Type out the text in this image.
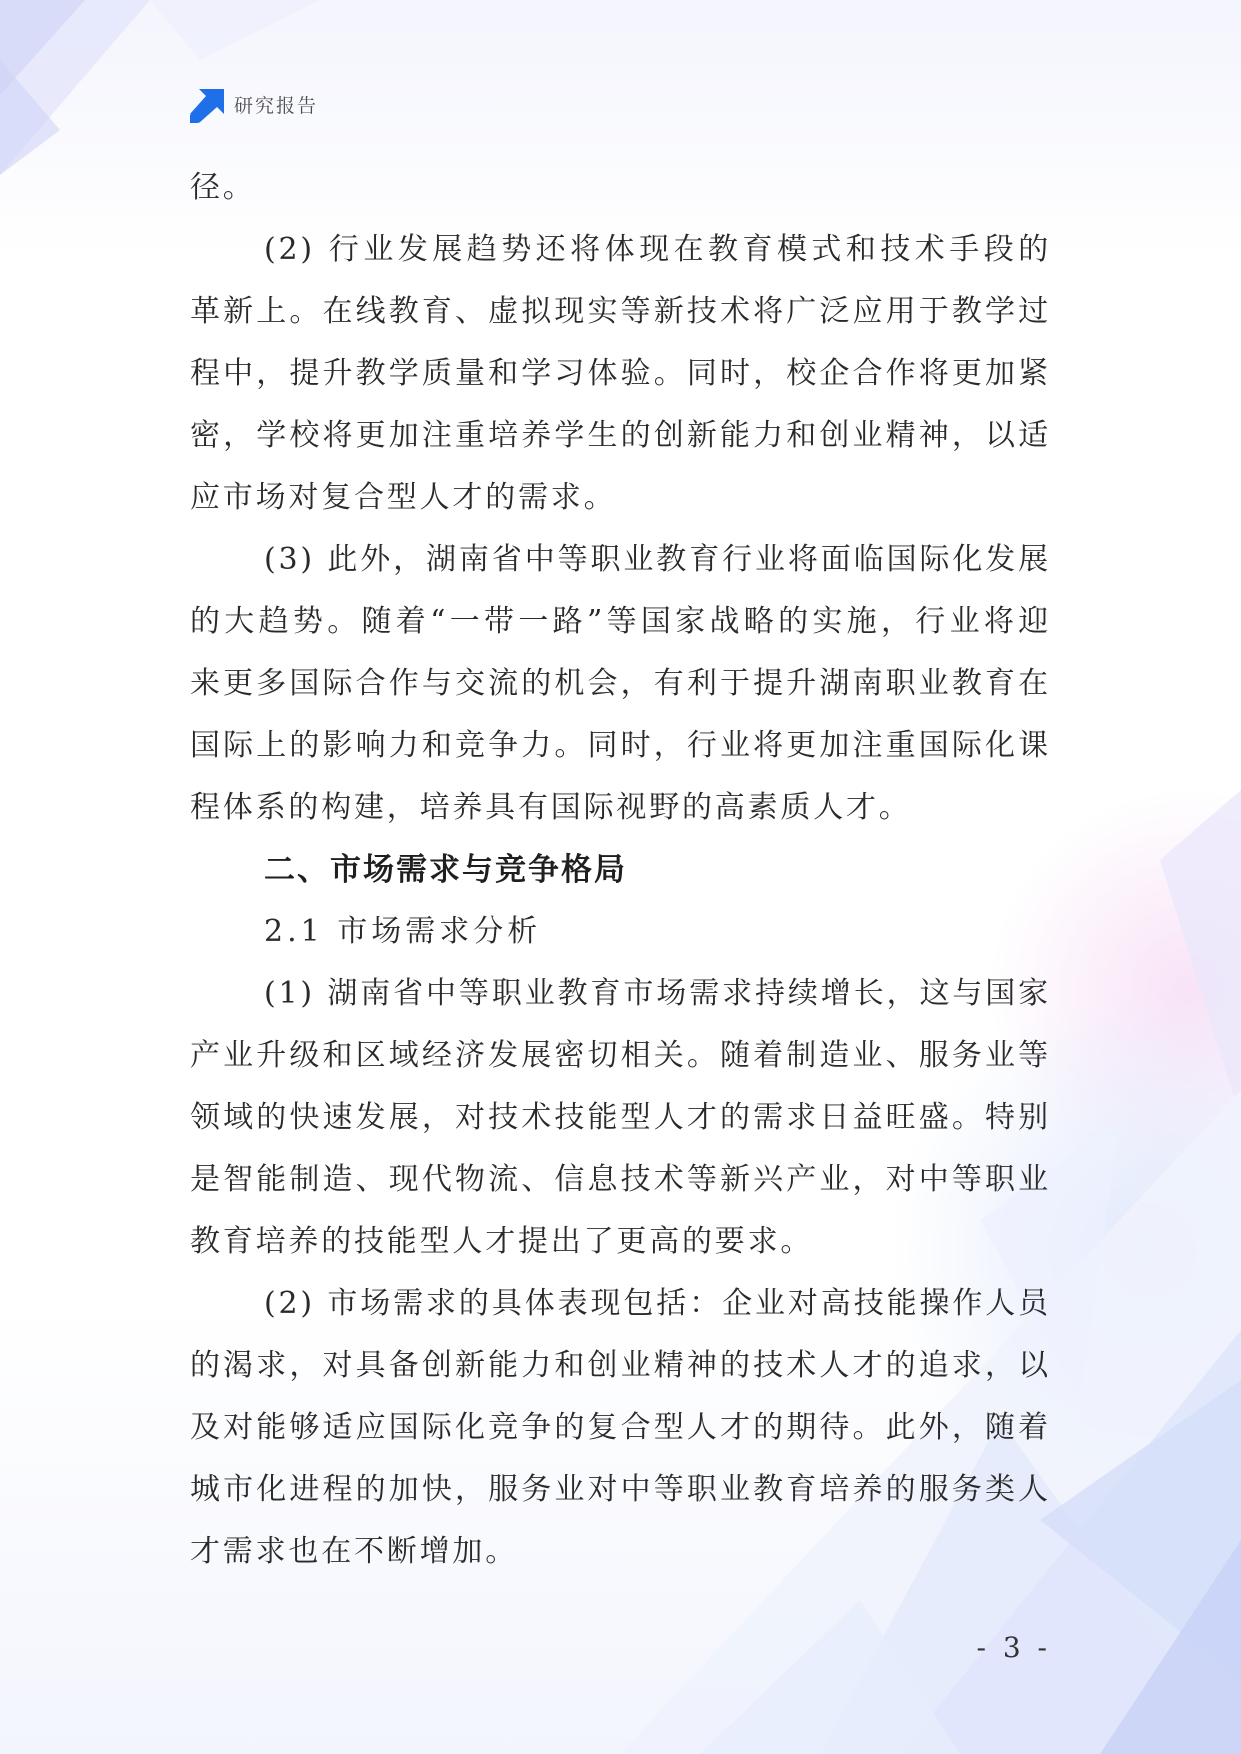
研究报告
径。
(2) 行业发展趋势还将体现在教育模式和技术手段的
革新上。在线教育、虚拟现实等新技术将广泛应用于教学过
程中，提升教学质量和学习体验。同时，校企合作将更加紧
密，学校将更加注重培养学生的创新能力和创业精神，以适
应市场对复合型人才的需求。
(3) 此外，湖南省中等职业教育行业将面临国际化发展
的大趋势。随着“一带一路”等国家战略的实施，行业将迎
来更多国际合作与交流的机会，有利于提升湖南职业教育在
国际上的影响力和竞争力。同时，行业将更加注重国际化课
程体系的构建，培养具有国际视野的高素质人才。
二、市场需求与竞争格局
2.1 市场需求分析
(1) 湖南省中等职业教育市场需求持续增长，这与国家
产业升级和区域经济发展密切相关。随着制造业、服务业等
领域的快速发展，对技术技能型人才的需求日益旺盛。特别
是智能制造、现代物流、信息技术等新兴产业，对中等职业
教育培养的技能型人才提出了更高的要求。
(2) 市场需求的具体表现包括：企业对高技能操作人员
的渴求，对具备创新能力和创业精神的技术人才的追求，以
及对能够适应国际化竞争的复合型人才的期待。此外，随着
城市化进程的加快，服务业对中等职业教育培养的服务类人
才需求也在不断增加。
- 3 -
